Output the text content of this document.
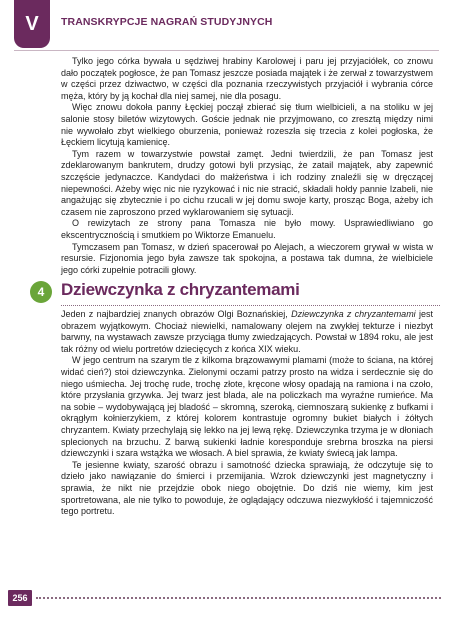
V	TRANSKRYPCJE NAGRAŃ STUDYJNYCH

Tylko jego córka bywała u sędziwej hrabiny Karolowej i paru jej przyjaciółek, co znowu dało początek pogłosce, że pan Tomasz jeszcze posiada majątek i że zerwał z towarzystwem w części przez dziwactwo, w części dla poznania rzeczywistych przyjaciół i wybrania córce męża, który by ją kochał dla niej samej, nie dla posagu.

Więc znowu dokoła panny Łęckiej począł zbierać się tłum wielbicieli, a na stoliku w jej salonie stosy biletów wizytowych. Goście jednak nie przyjmowano, co zresztą między nimi nie wywołało zbyt wielkiego oburzenia, ponieważ rozeszła się trzecia z kolei pogłoska, że Łęckiem licytują kamienicę.

Tym razem w towarzystwie powstał zamęt. Jedni twierdzili, że pan Tomasz jest zdeklarowanym bankrutem, drudzy gotowi byli przysiąc, że zatail majątek, aby zapewnić szczęście jedynaczce. Kandydaci do małżeństwa i ich rodziny znaleźli się w dręczącej niepewności. Ażeby więc nic nie ryzykować i nic nie stracić, składali hołdy pannie Izabeli, nie angażując się zbytecznie i po cichu rzucali w jej domu swoje karty, prosząc Boga, ażeby ich czasem nie zaproszono przed wyklarowaniem się sytuacji.

O rewizytach ze strony pana Tomasza nie było mowy. Usprawiedliwiano go ekscentrycznością i smutkiem po Wiktorze Emanuelu.

Tymczasem pan Tomasz, w dzień spacerował po Alejach, a wieczorem grywał w wista w resursie. Fizjonomia jego była zawsze tak spokojna, a postawa tak dumna, że wielbiciele jego córki zupełnie potracili głowy.

4 Dziewczynka z chryzantemami

Jeden z najbardziej znanych obrazów Olgi Boznańskiej, Dziewczynka z chryzantemami jest obrazem wyjątkowym. Chociaż niewielki, namalowany olejem na zwykłej tekturze i niezbyt barwny, na wystawach zawsze przyciąga tłumy zwiedzających. Powstał w 1894 roku, ale jest tak różny od wielu portretów dziecięcych z końca XIX wieku.

W jego centrum na szarym tle z kilkoma brązowawymi plamami (może to ściana, na której widać cień?) stoi dziewczynka. Zielonymi oczami patrzy prosto na widza i serdecznie się do niego uśmiecha. Jej trochę rude, trochę złote, kręcone włosy opadają na ramiona i na czoło, które przysłania grzywka. Jej twarz jest blada, ale na policzkach ma wyraźne rumieńce. Ma na sobie – wydobywającą jej bladość – skromną, szeroką, ciemnoszarą sukienkę z bufkami i okrągłym kołnierzykiem, z której kolorem kontrastuje ogromny bukiet białych i żółtych chryzantem. Kwiaty przechylają się lekko na jej lewą rękę. Dziewczynka trzyma je w dłoniach splecionych na brzuchu. Z barwą sukienki ładnie koresponduje srebrna broszka na piersi dziewczynki i szara wstążka we włosach. A biel sprawia, że kwiaty świecą jak lampa.

Te jesienne kwiaty, szarość obrazu i samotność dziecka sprawiają, że odczytuje się to dzieło jako nawiązanie do śmierci i przemijania. Wzrok dziewczynki jest magnetyczny i sprawia, że nikt nie przejdzie obok niego obojętnie. Do dziś nie wiemy, kim jest sportretowana, ale nie tylko to powoduje, że oglądający odczuwa niezwykłość i tajemniczość tego portretu.

256
